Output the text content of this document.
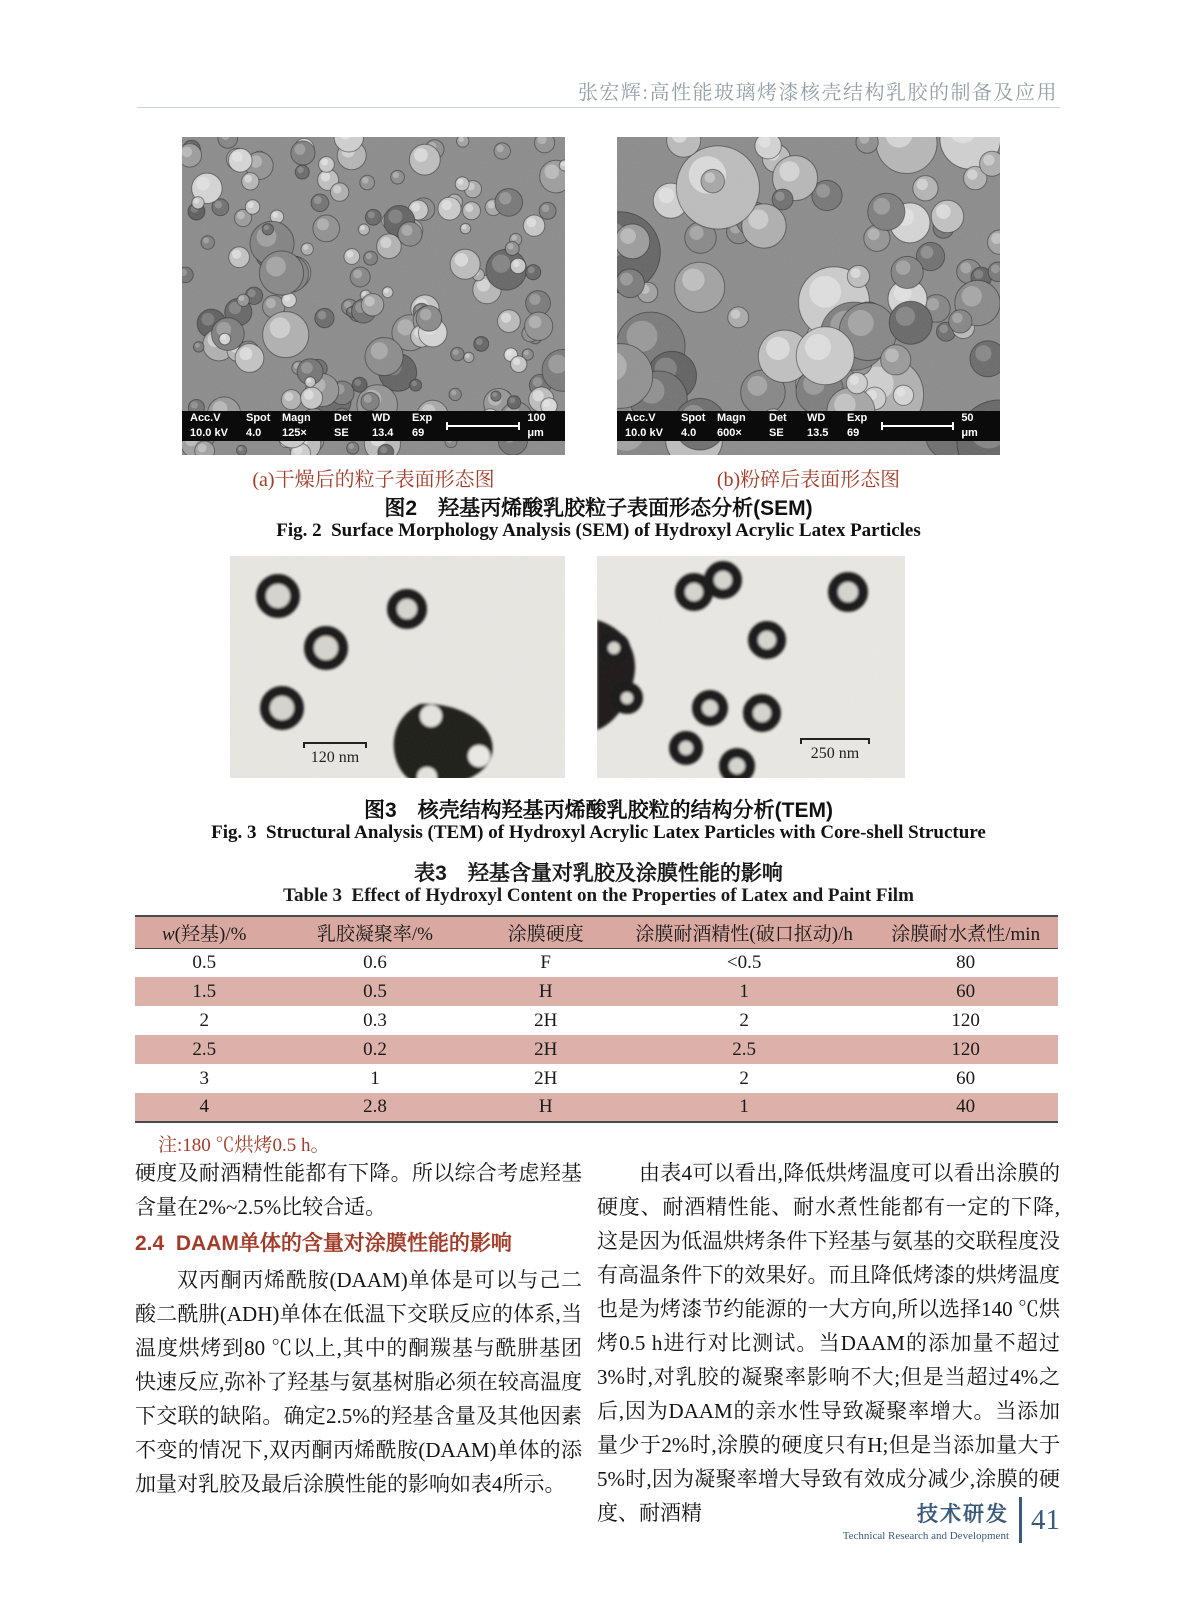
张宏辉:高性能玻璃烤漆核壳结构乳胶的制备及应用
Acc.V	Spot	Magn	Det	WD	Exp	100 μm
10.0 kV	4.0	125×	SE	13.4	69
Acc.V	Spot	Magn	Det	WD	Exp	50 μm
10.0 kV	4.0	600×	SE	13.5	69
(a)干燥后的粒子表面形态图	(b)粉碎后表面形态图
图2　羟基丙烯酸乳胶粒子表面形态分析(SEM)
Fig. 2  Surface Morphology Analysis (SEM) of Hydroxyl Acrylic Latex Particles
120 nm	250 nm
图3　核壳结构羟基丙烯酸乳胶粒的结构分析(TEM)
Fig. 3  Structural Analysis (TEM) of Hydroxyl Acrylic Latex Particles with Core-shell Structure
表3　羟基含量对乳胶及涂膜性能的影响
Table 3  Effect of Hydroxyl Content on the Properties of Latex and Paint Film
w(羟基)/%	乳胶凝聚率/%	涂膜硬度	涂膜耐酒精性(破口抠动)/h	涂膜耐水煮性/min
0.5	0.6	F	<0.5	80
1.5	0.5	H	1	60
2	0.3	2H	2	120
2.5	0.2	2H	2.5	120
3	1	2H	2	60
4	2.8	H	1	40
注:180 ℃烘烤0.5 h。

硬度及耐酒精性能都有下降。所以综合考虑羟基含量在2%~2.5%比较合适。

2.4  DAAM单体的含量对涂膜性能的影响

双丙酮丙烯酰胺(DAAM)单体是可以与己二酸二酰肼(ADH)单体在低温下交联反应的体系,当温度烘烤到80 ℃以上,其中的酮羰基与酰肼基团快速反应,弥补了羟基与氨基树脂必须在较高温度下交联的缺陷。确定2.5%的羟基含量及其他因素不变的情况下,双丙酮丙烯酰胺(DAAM)单体的添加量对乳胶及最后涂膜性能的影响如表4所示。

由表4可以看出,降低烘烤温度可以看出涂膜的硬度、耐酒精性能、耐水煮性能都有一定的下降,这是因为低温烘烤条件下羟基与氨基的交联程度没有高温条件下的效果好。而且降低烤漆的烘烤温度也是为烤漆节约能源的一大方向,所以选择140 ℃烘烤0.5 h进行对比测试。当DAAM的添加量不超过3%时,对乳胶的凝聚率影响不大;但是当超过4%之后,因为DAAM的亲水性导致凝聚率增大。当添加量少于2%时,涂膜的硬度只有H;但是当添加量大于5%时,因为凝聚率增大导致有效成分减少,涂膜的硬度、耐酒精	技术研发
Technical Research and Development
41
